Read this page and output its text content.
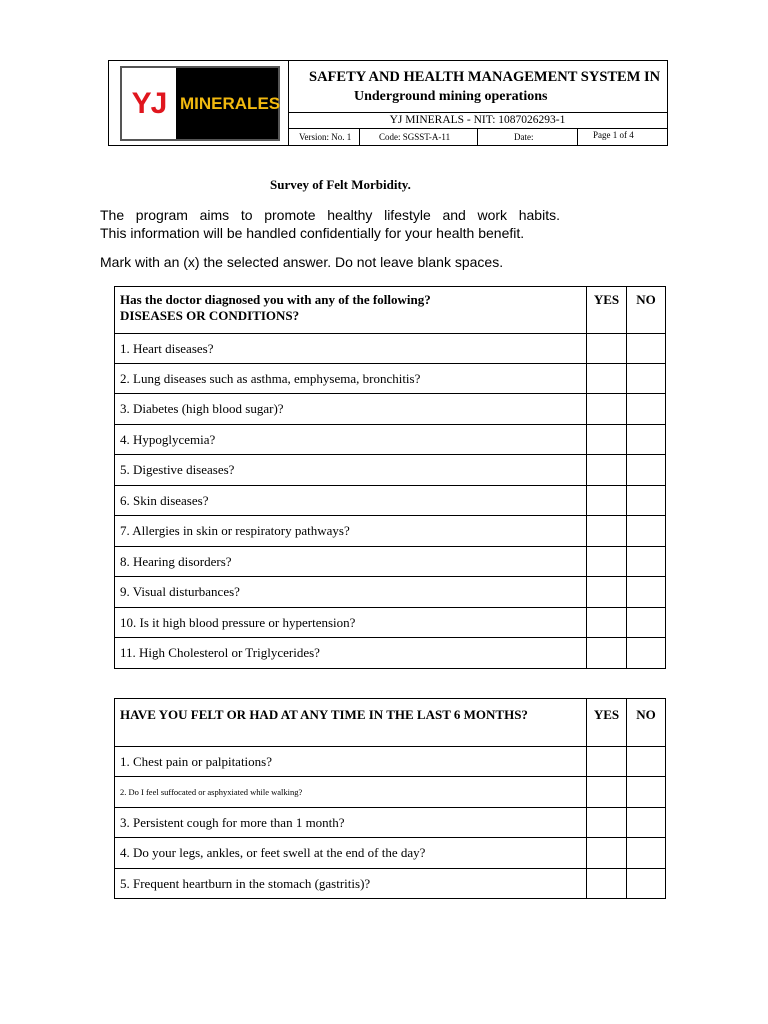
YJ MINERALES
SAFETY AND HEALTH MANAGEMENT SYSTEM IN
Underground mining operations
YJ MINERALS - NIT: 1087026293-1
Version: No. 1	Code: SGSST-A-11	Date:	Page 1 of 4
Survey of Felt Morbidity.

The program aims to promote healthy lifestyle and work habits.

This information will be handled confidentially for your health benefit.

Mark with an (x) the selected answer. Do not leave blank spaces.
Has the doctor diagnosed you with any of the following?
DISEASES OR CONDITIONS?	YES	NO
1. Heart diseases?		
2. Lung diseases such as asthma, emphysema, bronchitis?		
3. Diabetes (high blood sugar)?		
4. Hypoglycemia?		
5. Digestive diseases?		
6. Skin diseases?		
7. Allergies in skin or respiratory pathways?		
8. Hearing disorders?		
9. Visual disturbances?		
10. Is it high blood pressure or hypertension?		
11. High Cholesterol or Triglycerides?		
HAVE YOU FELT OR HAD AT ANY TIME IN THE LAST 6 MONTHS?	YES	NO
1. Chest pain or palpitations?		
2. Do I feel suffocated or asphyxiated while walking?		
3. Persistent cough for more than 1 month?		
4. Do your legs, ankles, or feet swell at the end of the day?		
5. Frequent heartburn in the stomach (gastritis)?		
